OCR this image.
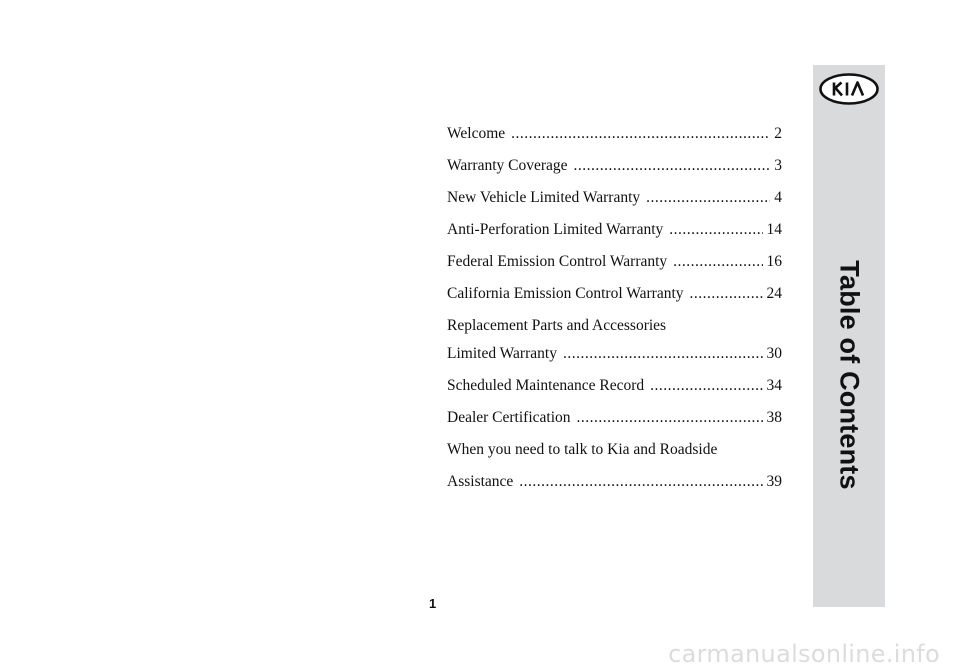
Welcome .....	2
Warranty Coverage .....	3
New Vehicle Limited Warranty .....	4
Anti-Perforation Limited Warranty .....	14
Federal Emission Control Warranty .....	16
California Emission Control Warranty .....	24
Replacement Parts and Accessories
Limited Warranty .....	30
Scheduled Maintenance Record .....	34
Dealer Certification .....	38
When you need to talk to Kia and Roadside
Assistance .....	39 Table of Contents
1
carmanualsonline.info
